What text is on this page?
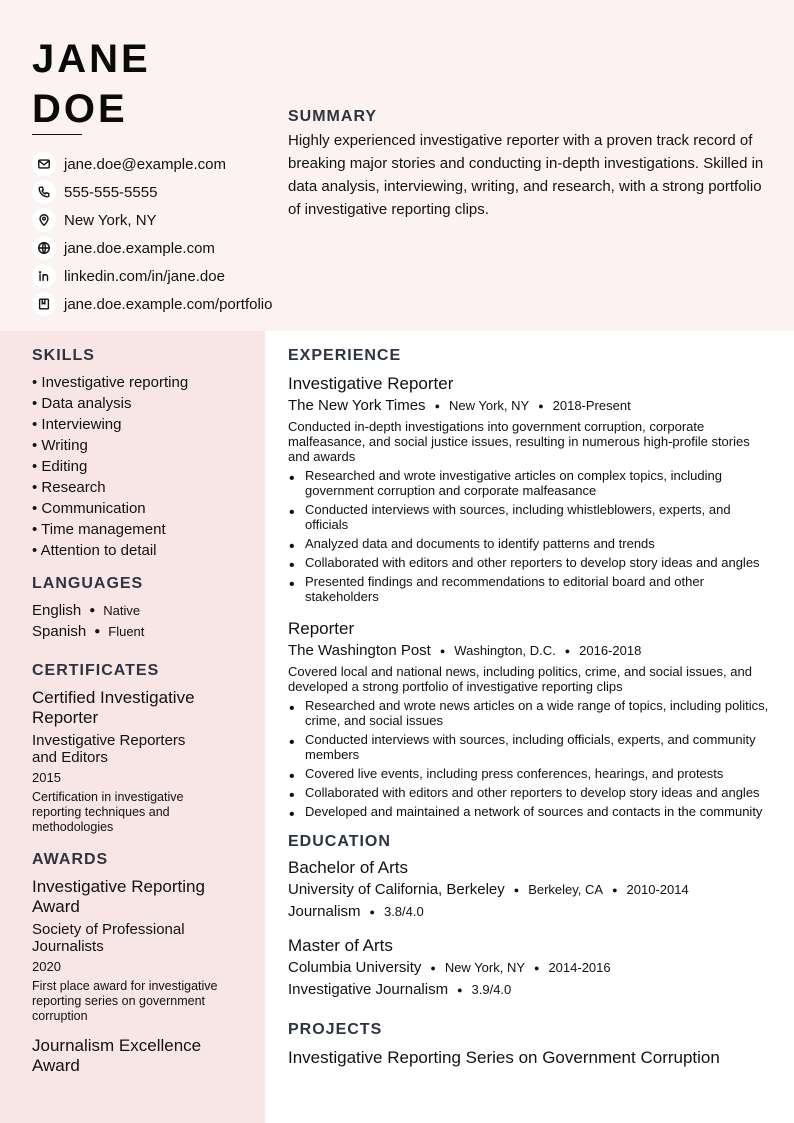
JANE
DOE
jane.doe@example.com
555-555-5555
New York, NY
jane.doe.example.com
linkedin.com/in/jane.doe
jane.doe.example.com/portfolio
SUMMARY

Highly experienced investigative reporter with a proven track record of breaking major stories and conducting in-depth investigations. Skilled in data analysis, interviewing, writing, and research, with a strong portfolio of investigative reporting clips.

SKILLS
• Investigative reporting
• Data analysis
• Interviewing
• Writing
• Editing
• Research
• Communication
• Time management
• Attention to detail
LANGUAGES
English ● Native
Spanish ● Fluent
CERTIFICATES
Certified Investigative Reporter
Investigative Reporters and Editors
2015
Certification in investigative reporting techniques and methodologies
AWARDS
Investigative Reporting Award
Society of Professional Journalists
2020
First place award for investigative reporting series on government corruption
Journalism Excellence Award
EXPERIENCE
Investigative Reporter
The New York Times ● New York, NY ● 2018-Present
Conducted in-depth investigations into government corruption, corporate malfeasance, and social justice issues, resulting in numerous high-profile stories and awards
• Researched and wrote investigative articles on complex topics, including government corruption and corporate malfeasance
• Conducted interviews with sources, including whistleblowers, experts, and officials
• Analyzed data and documents to identify patterns and trends
• Collaborated with editors and other reporters to develop story ideas and angles
• Presented findings and recommendations to editorial board and other stakeholders
Reporter
The Washington Post ● Washington, D.C. ● 2016-2018
Covered local and national news, including politics, crime, and social issues, and developed a strong portfolio of investigative reporting clips
• Researched and wrote news articles on a wide range of topics, including politics, crime, and social issues
• Conducted interviews with sources, including officials, experts, and community members
• Covered live events, including press conferences, hearings, and protests
• Collaborated with editors and other reporters to develop story ideas and angles
• Developed and maintained a network of sources and contacts in the community
EDUCATION
Bachelor of Arts
University of California, Berkeley ● Berkeley, CA ● 2010-2014
Journalism ● 3.8/4.0
Master of Arts
Columbia University ● New York, NY ● 2014-2016
Investigative Journalism ● 3.9/4.0
PROJECTS
Investigative Reporting Series on Government Corruption
